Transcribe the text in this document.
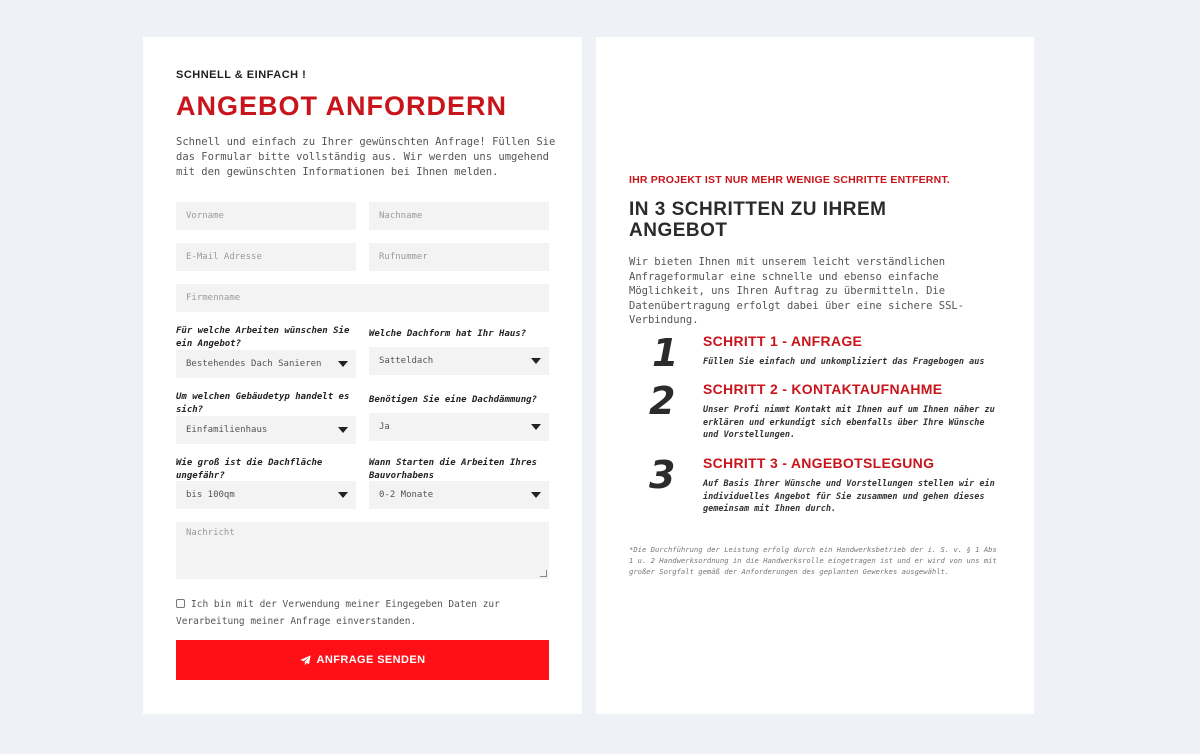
SCHNELL & EINFACH !
ANGEBOT ANFORDERN
Schnell und einfach zu Ihrer gewünschten Anfrage! Füllen Sie das Formular bitte vollständig aus. Wir werden uns umgehend mit den gewünschten Informationen bei Ihnen melden.
Vorname	Nachname
E-Mail Adresse	Rufnummer
Firmenname
Für welche Arbeiten wünschen Sie ein Angebot?
Bestehendes Dach Sanieren
Welche Dachform hat Ihr Haus?
Satteldach
Um welchen Gebäudetyp handelt es sich?
Einfamilienhaus
Benötigen Sie eine Dachdämmung?
Ja
Wie groß ist die Dachfläche ungefähr?
bis 100qm
Wann Starten die Arbeiten Ihres Bauvorhabens
0-2 Monate
Nachricht
Ich bin mit der Verwendung meiner Eingegeben Daten zur Verarbeitung meiner Anfrage einverstanden.
ANFRAGE SENDEN
IHR PROJEKT IST NUR MEHR WENIGE SCHRITTE ENTFERNT.
IN 3 SCHRITTEN ZU IHREM ANGEBOT
Wir bieten Ihnen mit unserem leicht verständlichen Anfrageformular eine schnelle und ebenso einfache Möglichkeit, uns Ihren Auftrag zu übermitteln. Die Datenübertragung erfolgt dabei über eine sichere SSL-Verbindung.
1 SCHRITT 1 - ANFRAGE
Füllen Sie einfach und unkompliziert das Fragebogen aus
2 SCHRITT 2 - KONTAKTAUFNAHME
Unser Profi nimmt Kontakt mit Ihnen auf um Ihnen näher zu erklären und erkundigt sich ebenfalls über Ihre Wünsche und Vorstellungen.
3 SCHRITT 3 - ANGEBOTSLEGUNG
Auf Basis Ihrer Wünsche und Vorstellungen stellen wir ein individuelles Angebot für Sie zusammen und gehen dieses gemeinsam mit Ihnen durch.
*Die Durchführung der Leistung erfolg durch ein Handwerksbetrieb der i. S. v. § 1 Abs 1 u. 2 Handwerksordnung in die Handwerksrolle eingetragen ist und er wird von uns mit großer Sorgfalt gemäß der Anforderungen des geplanten Gewerkes ausgewählt.
